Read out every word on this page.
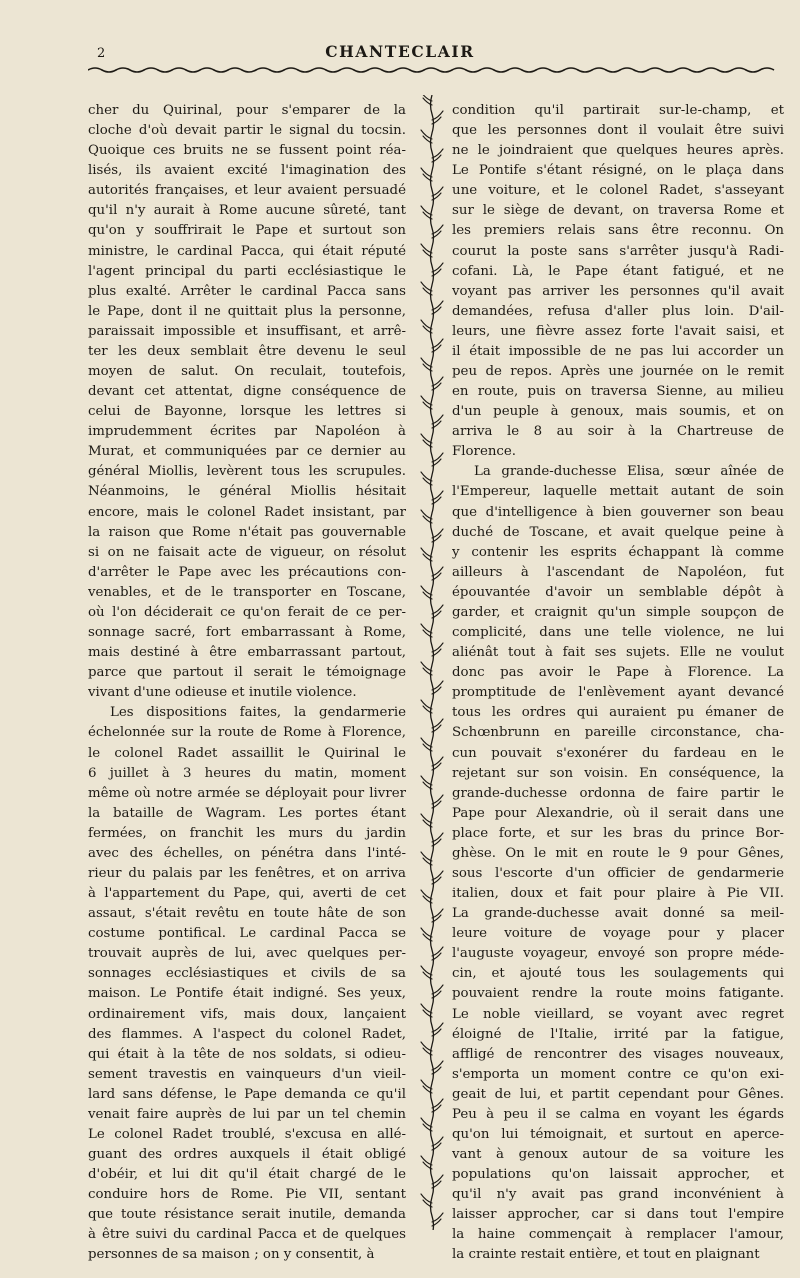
2	CHANTECLAIR
cher du Quirinal, pour s'emparer de la
cloche d'où devait partir le signal du tocsin.
Quoique ces bruits ne se fussent point réa-
lisés, ils avaient excité l'imagination des
autorités françaises, et leur avaient persuadé
qu'il n'y aurait à Rome aucune sûreté, tant
qu'on y souffrirait le Pape et surtout son
ministre, le cardinal Pacca, qui était réputé
l'agent principal du parti ecclésiastique le
plus exalté. Arrêter le cardinal Pacca sans
le Pape, dont il ne quittait plus la personne,
paraissait impossible et insuffisant, et arrê-
ter les deux semblait être devenu le seul
moyen de salut. On reculait, toutefois,
devant cet attentat, digne conséquence de
celui de Bayonne, lorsque les lettres si
imprudemment écrites par Napoléon à
Murat, et communiquées par ce dernier au
général Miollis, levèrent tous les scrupules.
Néanmoins, le général Miollis hésitait
encore, mais le colonel Radet insistant, par
la raison que Rome n'était pas gouvernable
si on ne faisait acte de vigueur, on résolut
d'arrêter le Pape avec les précautions con-
venables, et de le transporter en Toscane,
où l'on déciderait ce qu'on ferait de ce per-
sonnage sacré, fort embarrassant à Rome,
mais destiné à être embarrassant partout,
parce que partout il serait le témoignage
vivant d'une odieuse et inutile violence.
Les dispositions faites, la gendarmerie
échelonnée sur la route de Rome à Florence,
le colonel Radet assaillit le Quirinal le
6 juillet à 3 heures du matin, moment
même où notre armée se déployait pour livrer
la bataille de Wagram. Les portes étant
fermées, on franchit les murs du jardin
avec des échelles, on pénétra dans l'inté-
rieur du palais par les fenêtres, et on arriva
à l'appartement du Pape, qui, averti de cet
assaut, s'était revêtu en toute hâte de son
costume pontifical. Le cardinal Pacca se
trouvait auprès de lui, avec quelques per-
sonnages ecclésiastiques et civils de sa
maison. Le Pontife était indigné. Ses yeux,
ordinairement vifs, mais doux, lançaient
des flammes. A l'aspect du colonel Radet,
qui était à la tête de nos soldats, si odieu-
sement travestis en vainqueurs d'un vieil-
lard sans défense, le Pape demanda ce qu'il
venait faire auprès de lui par un tel chemin
Le colonel Radet troublé, s'excusa en allé-
guant des ordres auxquels il était obligé
d'obéir, et lui dit qu'il était chargé de le
conduire hors de Rome. Pie VII, sentant
que toute résistance serait inutile, demanda
à être suivi du cardinal Pacca et de quelques
personnes de sa maison ; on y consentit, à
condition qu'il partirait sur-le-champ, et
que les personnes dont il voulait être suivi
ne le joindraient que quelques heures après.
Le Pontife s'étant résigné, on le plaça dans
une voiture, et le colonel Radet, s'asseyant
sur le siège de devant, on traversa Rome et
les premiers relais sans être reconnu. On
courut la poste sans s'arrêter jusqu'à Radi-
cofani. Là, le Pape étant fatigué, et ne
voyant pas arriver les personnes qu'il avait
demandées, refusa d'aller plus loin. D'ail-
leurs, une fièvre assez forte l'avait saisi, et
il était impossible de ne pas lui accorder un
peu de repos. Après une journée on le remit
en route, puis on traversa Sienne, au milieu
d'un peuple à genoux, mais soumis, et on
arriva le 8 au soir à la Chartreuse de
Florence.
La grande-duchesse Elisa, sœur aînée de
l'Empereur, laquelle mettait autant de soin
que d'intelligence à bien gouverner son beau
duché de Toscane, et avait quelque peine à
y contenir les esprits échappant là comme
ailleurs à l'ascendant de Napoléon, fut
épouvantée d'avoir un semblable dépôt à
garder, et craignit qu'un simple soupçon de
complicité, dans une telle violence, ne lui
aliénât tout à fait ses sujets. Elle ne voulut
donc pas avoir le Pape à Florence. La
promptitude de l'enlèvement ayant devancé
tous les ordres qui auraient pu émaner de
Schœnbrunn en pareille circonstance, cha-
cun pouvait s'exonérer du fardeau en le
rejetant sur son voisin. En conséquence, la
grande-duchesse ordonna de faire partir le
Pape pour Alexandrie, où il serait dans une
place forte, et sur les bras du prince Bor-
ghèse. On le mit en route le 9 pour Gênes,
sous l'escorte d'un officier de gendarmerie
italien, doux et fait pour plaire à Pie VII.
La grande-duchesse avait donné sa meil-
leure voiture de voyage pour y placer
l'auguste voyageur, envoyé son propre méde-
cin, et ajouté tous les soulagements qui
pouvaient rendre la route moins fatigante.
Le noble vieillard, se voyant avec regret
éloigné de l'Italie, irrité par la fatigue,
affligé de rencontrer des visages nouveaux,
s'emporta un moment contre ce qu'on exi-
geait de lui, et partit cependant pour Gênes.
Peu à peu il se calma en voyant les égards
qu'on lui témoignait, et surtout en aperce-
vant à genoux autour de sa voiture les
populations qu'on laissait approcher, et
qu'il n'y avait pas grand inconvénient à
laisser approcher, car si dans tout l'empire
la haine commençait à remplacer l'amour,
la crainte restait entière, et tout en plaignant
